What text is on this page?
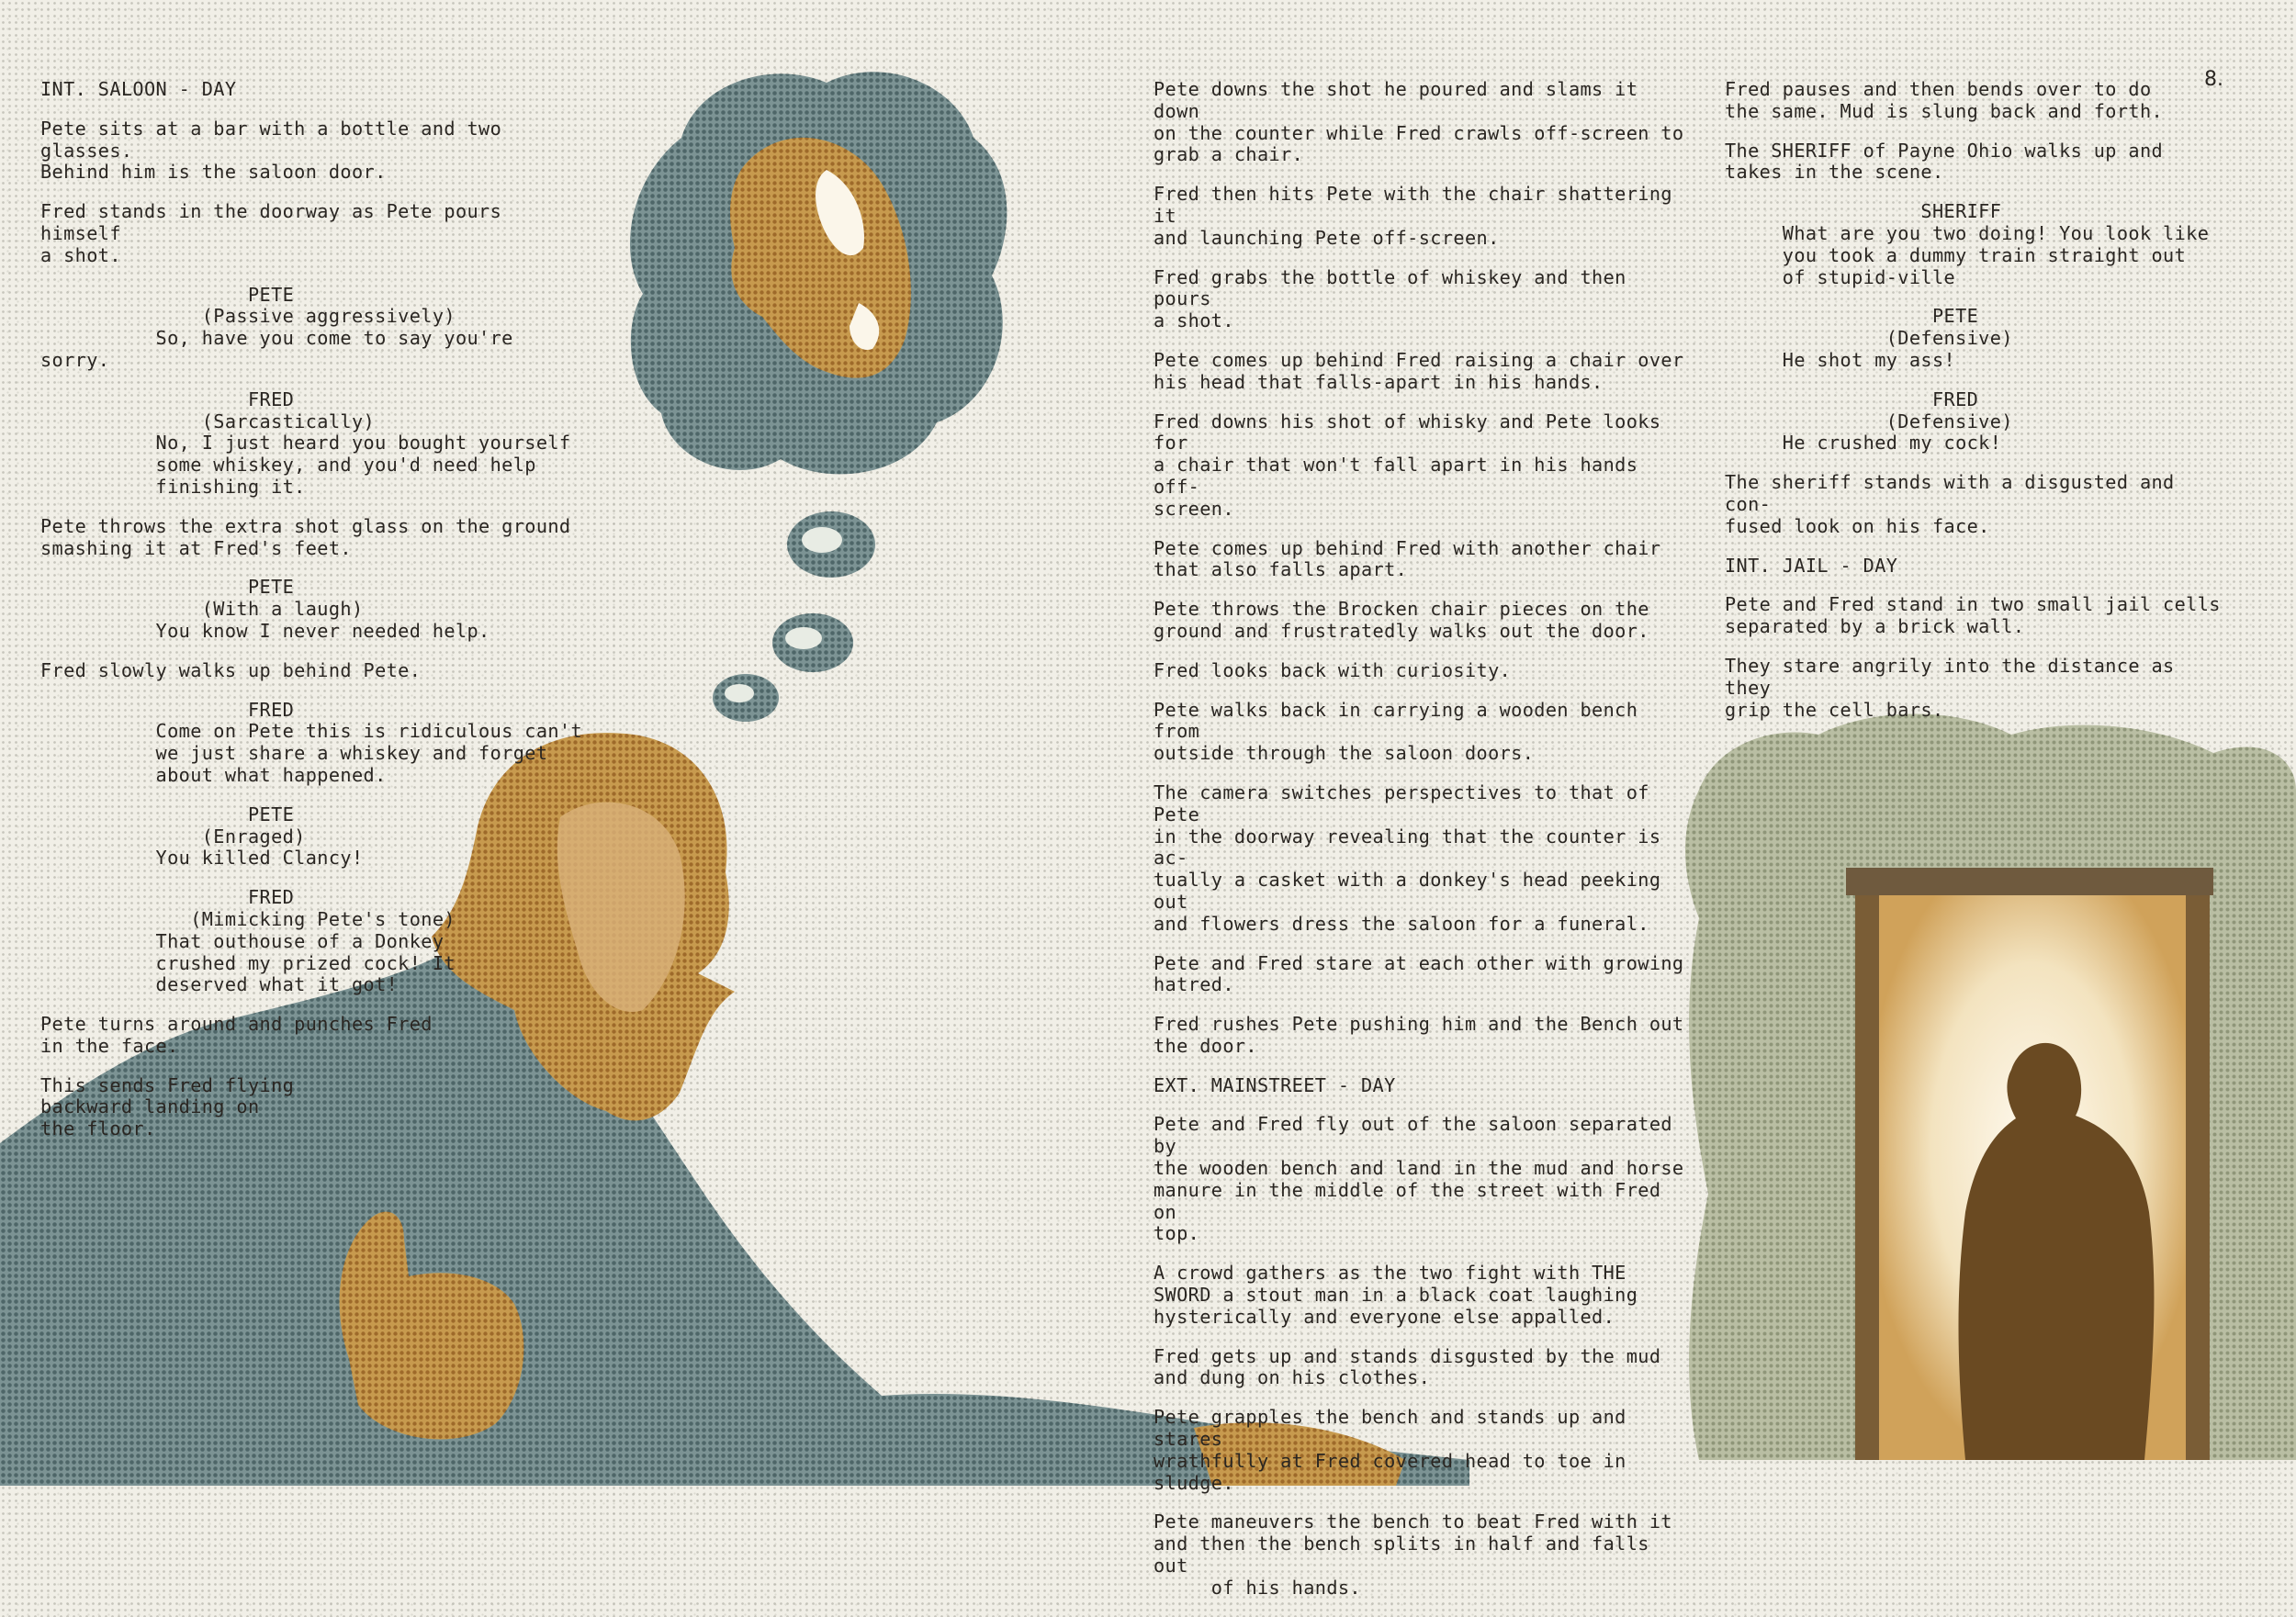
8.

INT. SALOON - DAY

Pete sits at a bar with a bottle and two glasses.
Behind him is the saloon door.

Fred stands in the doorway as Pete pours himself
a shot.

PETE
(Passive aggressively)
So, have you come to say you're
sorry.
FRED
(Sarcastically)
No, I just heard you bought yourself
some whiskey, and you'd need help
finishing it.

Pete throws the extra shot glass on the ground
smashing it at Fred's feet.

PETE
(With a laugh)
You know I never needed help.

Fred slowly walks up behind Pete.

FRED
Come on Pete this is ridiculous can't
we just share a whiskey and forget
about what happened.
PETE
(Enraged)
You killed Clancy!
FRED
(Mimicking Pete's tone)
That outhouse of a Donkey
crushed my prized cock! It
deserved what it got!

Pete turns around and punches Fred
in the face.

This sends Fred flying
backward landing on
the floor.

Pete downs the shot he poured and slams it down
on the counter while Fred crawls off-screen to
grab a chair.

Fred then hits Pete with the chair shattering it
and launching Pete off-screen.

Fred grabs the bottle of whiskey and then pours
a shot.

Pete comes up behind Fred raising a chair over
his head that falls-apart in his hands.

Fred downs his shot of whisky and Pete looks for
a chair that won't fall apart in his hands off-
screen.

Pete comes up behind Fred with another chair
that also falls apart.

Pete throws the Brocken chair pieces on the
ground and frustratedly walks out the door.

Fred looks back with curiosity.

Pete walks back in carrying a wooden bench from
outside through the saloon doors.

The camera switches perspectives to that of Pete
in the doorway revealing that the counter is ac-
tually a casket with a donkey's head peeking out
and flowers dress the saloon for a funeral.

Pete and Fred stare at each other with growing
hatred.

Fred rushes Pete pushing him and the Bench out
the door.

EXT. MAINSTREET - DAY

Pete and Fred fly out of the saloon separated by
the wooden bench and land in the mud and horse
manure in the middle of the street with Fred on
top.

A crowd gathers as the two fight with THE
SWORD a stout man in a black coat laughing
hysterically and everyone else appalled.

Fred gets up and stands disgusted by the mud
and dung on his clothes.

Pete grapples the bench and stands up and stares
wrathfully at Fred covered head to toe in sludge.

Pete maneuvers the bench to beat Fred with it
and then the bench splits in half and falls out
of his hands.

Fred pauses and then bends over to do
the same. Mud is slung back and forth.

The SHERIFF of Payne Ohio walks up and
takes in the scene.

SHERIFF
What are you two doing! You look like
you took a dummy train straight out
of stupid-ville
PETE
(Defensive)
He shot my ass!
FRED
(Defensive)
He crushed my cock!

The sheriff stands with a disgusted and con-
fused look on his face.

INT. JAIL - DAY

Pete and Fred stand in two small jail cells
separated by a brick wall.

They stare angrily into the distance as they
grip the cell bars.
